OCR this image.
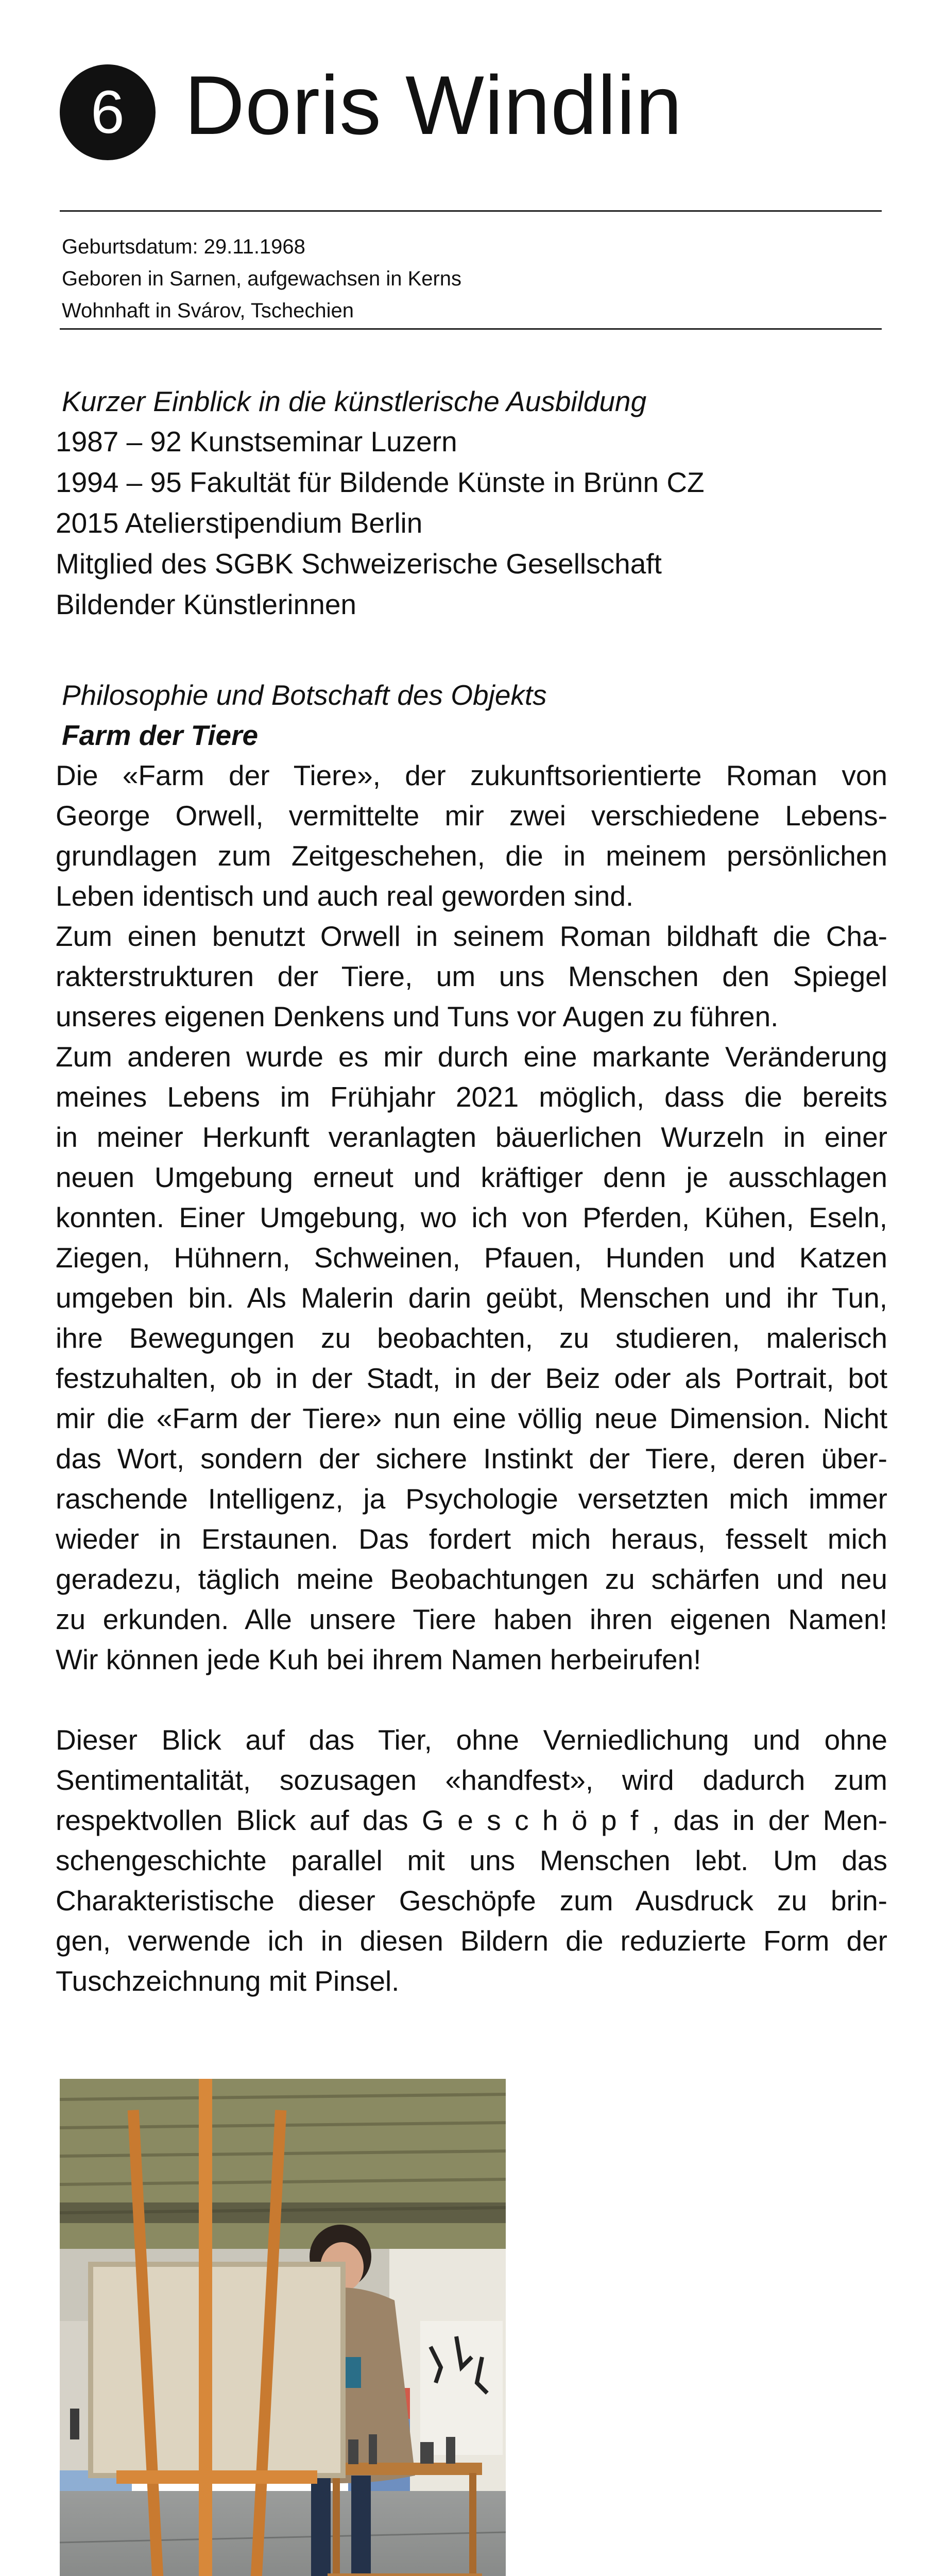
6 Doris Windlin
Geburtsdatum: 29.11.1968
Geboren in Sarnen, aufgewachsen in Kerns
Wohnhaft in Svárov, Tschechien
Kurzer Einblick in die künstlerische Ausbildung
1987 – 92 Kunstseminar Luzern
1994 – 95 Fakultät für Bildende Künste in Brünn CZ
2015 Atelierstipendium Berlin
Mitglied des SGBK Schweizerische Gesellschaft
Bildender Künstlerinnen
Philosophie und Botschaft des Objekts
Farm der Tiere
Die «Farm der Tiere», der zukunftsorientierte Roman von
George Orwell, vermittelte mir zwei verschiedene Lebens-
grundlagen zum Zeitgeschehen, die in meinem persönlichen
Leben identisch und auch real geworden sind.
Zum einen benutzt Orwell in seinem Roman bildhaft die Cha-
rakterstrukturen der Tiere, um uns Menschen den Spiegel
unseres eigenen Denkens und Tuns vor Augen zu führen.
Zum anderen wurde es mir durch eine markante Veränderung
meines Lebens im Frühjahr 2021 möglich, dass die bereits
in meiner Herkunft veranlagten bäuerlichen Wurzeln in einer
neuen Umgebung erneut und kräftiger denn je ausschlagen
konnten. Einer Umgebung, wo ich von Pferden, Kühen, Eseln,
Ziegen, Hühnern, Schweinen, Pfauen, Hunden und Katzen
umgeben bin. Als Malerin darin geübt, Menschen und ihr Tun,
ihre Bewegungen zu beobachten, zu studieren, malerisch
festzuhalten, ob in der Stadt, in der Beiz oder als Portrait, bot
mir die «Farm der Tiere» nun eine völlig neue Dimension. Nicht
das Wort, sondern der sichere Instinkt der Tiere, deren über-
raschende Intelligenz, ja Psychologie versetzten mich immer
wieder in Erstaunen. Das fordert mich heraus, fesselt mich
geradezu, täglich meine Beobachtungen zu schärfen und neu
zu erkunden. Alle unsere Tiere haben ihren eigenen Namen!
Wir können jede Kuh bei ihrem Namen herbeirufen!
Dieser Blick auf das Tier, ohne Verniedlichung und ohne
Sentimentalität, sozusagen «handfest», wird dadurch zum
respektvollen Blick auf das G e s c h ö p f , das in der Men-
schengeschichte parallel mit uns Menschen lebt. Um das
Charakteristische dieser Geschöpfe zum Ausdruck zu brin-
gen, verwende ich in diesen Bildern die reduzierte Form der
Tuschzeichnung mit Pinsel.
